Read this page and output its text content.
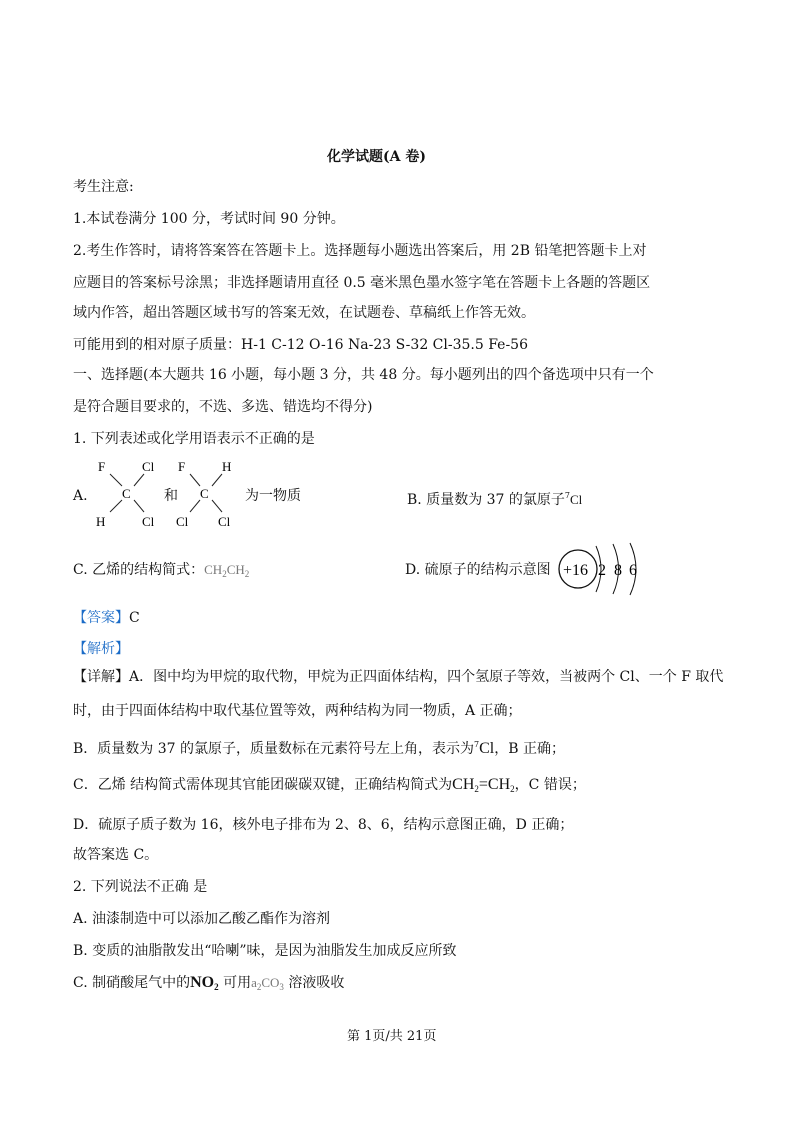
化学试题(A 卷)
考生注意:
1.本试卷满分 100 分，考试时间 90 分钟。
2.考生作答时，请将答案答在答题卡上。选择题每小题选出答案后，用 2B 铅笔把答题卡上对
应题目的答案标号涂黑；非选择题请用直径 0.5 毫米黑色墨水签字笔在答题卡上各题的答题区
域内作答，超出答题区域书写的答案无效，在试题卷、草稿纸上作答无效。
可能用到的相对原子质量：H-1 C-12 O-16 Na-23 S-32 Cl-35.5 Fe-56
一、选择题(本大题共 16 小题，每小题 3 分，共 48 分。每小题列出的四个备选项中只有一个
是符合题目要求的，不选、多选、错选均不得分)
1. 下列表述或化学用语表示不正确的是
A.
F	Cl
C
H	Cl
和
F	H
C
Cl Cl
为一物质	B. 质量数为 37 的氯原子$^7$Cl
C. 乙烯的结构简式：$CH_2CH_2$	D. 硫原子的结构示意图 +16 2 8 6
【答案】C
【解析】
【详解】A．图中均为甲烷的取代物，甲烷为正四面体结构，四个氢原子等效，当被两个 Cl、一个 F 取代
时，由于四面体结构中取代基位置等效，两种结构为同一物质，A 正确；
B．质量数为 37 的氯原子，质量数标在元素符号左上角，表示为$^7$Cl，B 正确；
C．乙烯 结构简式需体现其官能团碳碳双键，正确结构简式为$CH_2=CH_2$，C 错误；
D．硫原子质子数为 16，核外电子排布为 2、8、6，结构示意图正确，D 正确；
故答案选 C。
2. 下列说法不正确 是
A. 油漆制造中可以添加乙酸乙酯作为溶剂
B. 变质的油脂散发出“哈喇”味，是因为油脂发生加成反应所致
C. 制硝酸尾气中的$NO_2$ 可用$a_2CO_3$ 溶液吸收
第 1页/共 21页
